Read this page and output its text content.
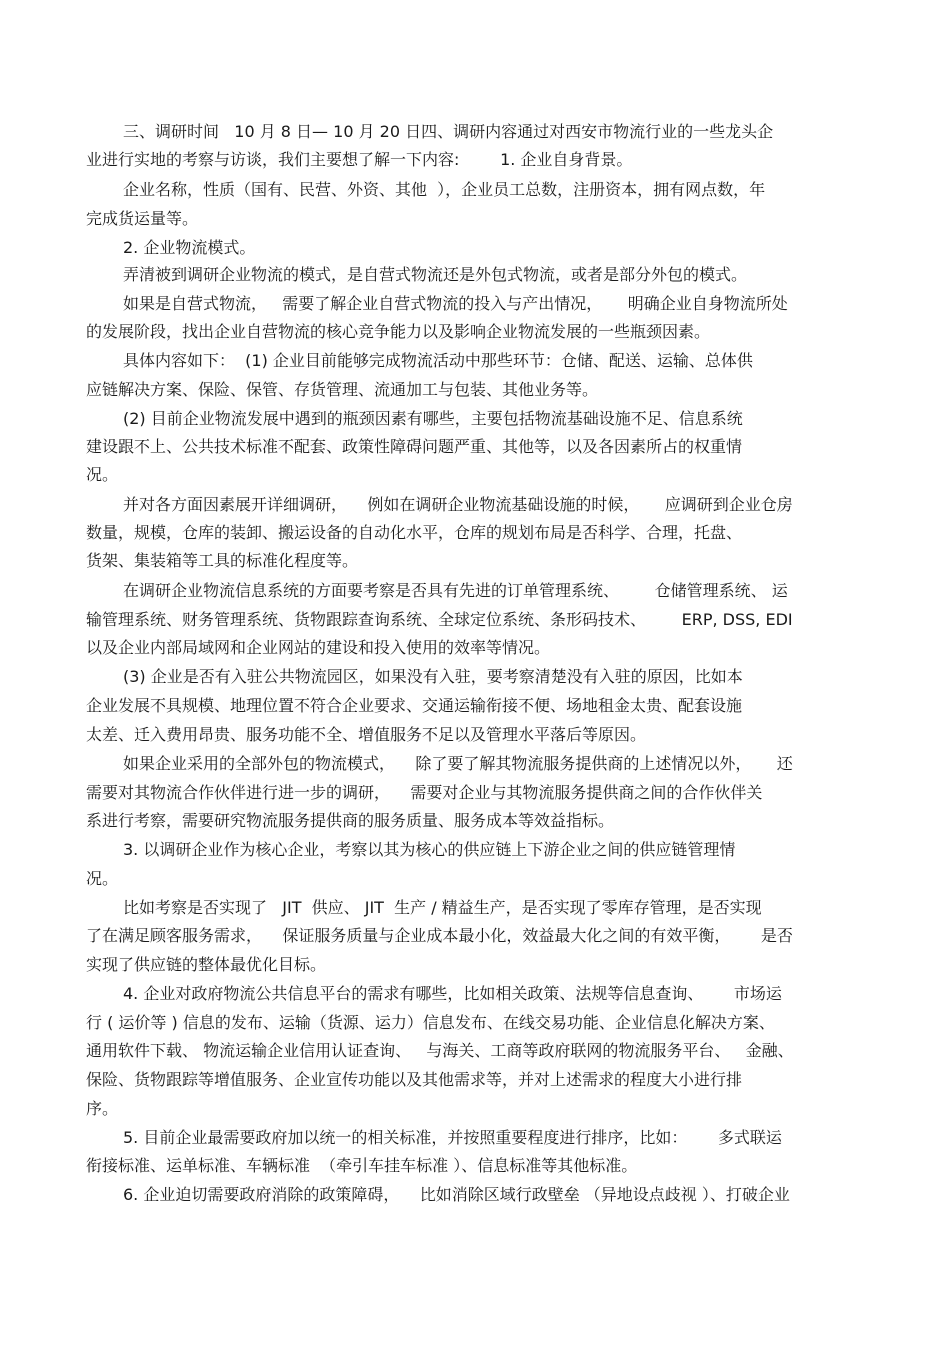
三、调研时间   10 月 8 日— 10 月 20 日四、调研内容通过对西安市物流行业的一些龙头企
业进行实地的考察与访谈，我们主要想了解一下内容:        1. 企业自身背景。
企业名称，性质（国有、民营、外资、其他  ），企业员工总数，注册资本，拥有网点数，年
完成货运量等。
2. 企业物流模式。
弄清被到调研企业物流的模式，是自营式物流还是外包式物流，或者是部分外包的模式。
如果是自营式物流，   需要了解企业自营式物流的投入与产出情况，     明确企业自身物流所处
的发展阶段，找出企业自营物流的核心竞争能力以及影响企业物流发展的一些瓶颈因素。
具体内容如下：  (1) 企业目前能够完成物流活动中那些环节：仓储、配送、运输、总体供
应链解决方案、保险、保管、存货管理、流通加工与包装、其他业务等。
(2) 目前企业物流发展中遇到的瓶颈因素有哪些，主要包括物流基础设施不足、信息系统
建设跟不上、公共技术标准不配套、政策性障碍问题严重、其他等，以及各因素所占的权重情
况。
并对各方面因素展开详细调研，    例如在调研企业物流基础设施的时候，     应调研到企业仓房
数量，规模，仓库的装卸、搬运设备的自动化水平，仓库的规划布局是否科学、合理，托盘、
货架、集装箱等工具的标准化程度等。
在调研企业物流信息系统的方面要考察是否具有先进的订单管理系统、       仓储管理系统、 运
输管理系统、财务管理系统、货物跟踪查询系统、全球定位系统、条形码技术、       ERP, DSS, EDI
以及企业内部局域网和企业网站的建设和投入使用的效率等情况。
(3) 企业是否有入驻公共物流园区，如果没有入驻，要考察清楚没有入驻的原因，比如本
企业发展不具规模、地理位置不符合企业要求、交通运输衔接不便、场地租金太贵、配套设施
太差、迁入费用昂贵、服务功能不全、增值服务不足以及管理水平落后等原因。
如果企业采用的全部外包的物流模式，    除了要了解其物流服务提供商的上述情况以外，     还
需要对其物流合作伙伴进行进一步的调研，    需要对企业与其物流服务提供商之间的合作伙伴关
系进行考察，需要研究物流服务提供商的服务质量、服务成本等效益指标。
3. 以调研企业作为核心企业，考察以其为核心的供应链上下游企业之间的供应链管理情
况。
比如考察是否实现了   JIT  供应、 JIT  生产 / 精益生产，是否实现了零库存管理，是否实现
了在满足顾客服务需求，    保证服务质量与企业成本最小化，效益最大化之间的有效平衡，      是否
实现了供应链的整体最优化目标。
4. 企业对政府物流公共信息平台的需求有哪些，比如相关政策、法规等信息查询、      市场运
行 ( 运价等 ) 信息的发布、运输（货源、运力）信息发布、在线交易功能、企业信息化解决方案、
通用软件下载、 物流运输企业信用认证查询、   与海关、工商等政府联网的物流服务平台、   金融、
保险、货物跟踪等增值服务、企业宣传功能以及其他需求等，并对上述需求的程度大小进行排
序。
5. 目前企业最需要政府加以统一的相关标准，并按照重要程度进行排序，比如：      多式联运
衔接标准、运单标准、车辆标准  （牵引车挂车标准 ）、信息标准等其他标准。
6. 企业迫切需要政府消除的政策障碍，    比如消除区域行政壁垒 （异地设点歧视 ）、打破企业
